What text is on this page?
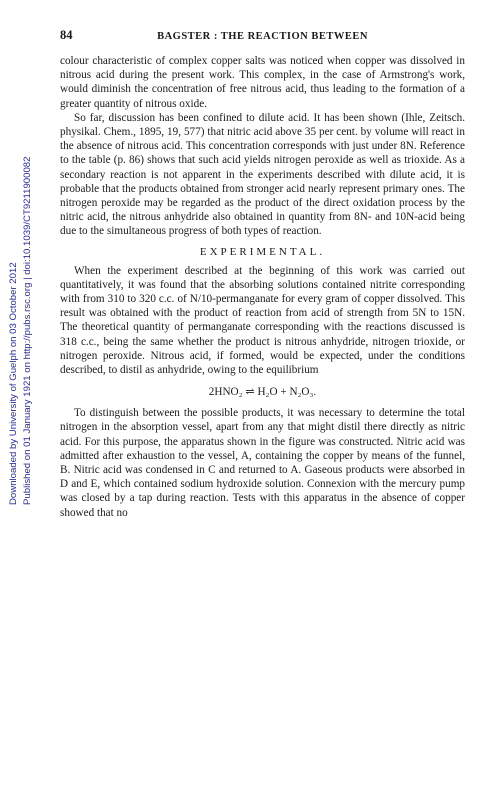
Downloaded by University of Guelph on 03 October 2012 Published on 01 January 1921 on http://pubs.rsc.org | doi:10.1039/CT9211900082
84	BAGSTER : THE REACTION BETWEEN

colour characteristic of complex copper salts was noticed when copper was dissolved in nitrous acid during the present work. This complex, in the case of Armstrong's work, would diminish the concentration of free nitrous acid, thus leading to the formation of a greater quantity of nitrous oxide.

So far, discussion has been confined to dilute acid. It has been shown (Ihle, Zeitsch. physikal. Chem., 1895, 19, 577) that nitric acid above 35 per cent. by volume will react in the absence of nitrous acid. This concentration corresponds with just under 8N. Reference to the table (p. 86) shows that such acid yields nitrogen peroxide as well as trioxide. As a secondary reaction is not apparent in the experiments described with dilute acid, it is probable that the products obtained from stronger acid nearly represent primary ones. The nitrogen peroxide may be regarded as the product of the direct oxidation process by the nitric acid, the nitrous anhydride also obtained in quantity from 8N- and 10N-acid being due to the simultaneous progress of both types of reaction.

EXPERIMENTAL.

When the experiment described at the beginning of this work was carried out quantitatively, it was found that the absorbing solutions contained nitrite corresponding with from 310 to 320 c.c. of N/10-permanganate for every gram of copper dissolved. This result was obtained with the product of reaction from acid of strength from 5N to 15N. The theoretical quantity of permanganate corresponding with the reactions discussed is 318 c.c., being the same whether the product is nitrous anhydride, nitrogen trioxide, or nitrogen peroxide. Nitrous acid, if formed, would be expected, under the conditions described, to distil as anhydride, owing to the equilibrium

2HNO₂ ⇌ H₂O + N₂O₃.

To distinguish between the possible products, it was necessary to determine the total nitrogen in the absorption vessel, apart from any that might distil there directly as nitric acid. For this purpose, the apparatus shown in the figure was constructed. Nitric acid was admitted after exhaustion to the vessel, A, containing the copper by means of the funnel, B. Nitric acid was condensed in C and returned to A. Gaseous products were absorbed in D and E, which contained sodium hydroxide solution. Connexion with the mercury pump was closed by a tap during reaction. Tests with this apparatus in the absence of copper showed that no
